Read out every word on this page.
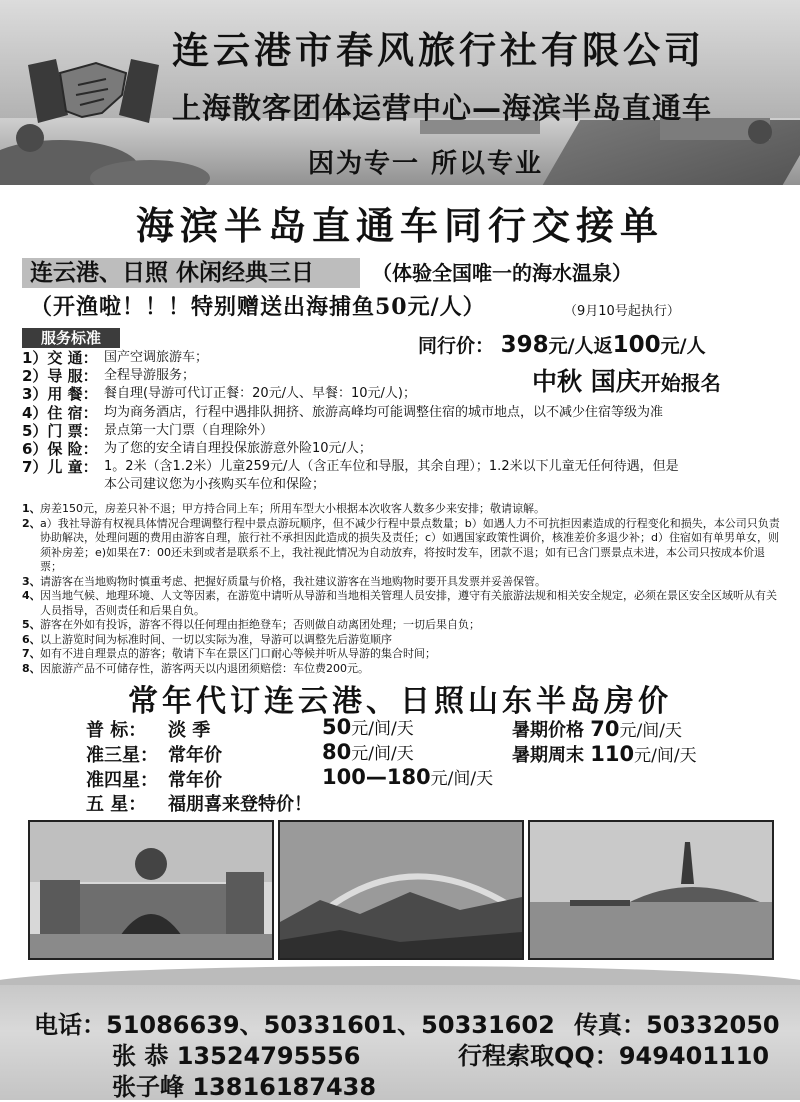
连云港市春风旅行社有限公司
上海散客团体运营中心—海滨半岛直通车
因为专一 所以专业
海滨半岛直通车同行交接单
连云港、日照 休闲经典三日	（体验全国唯一的海水温泉）
（开渔啦！！！特别赠送出海捕鱼50元/人）	（9月10号起执行）
服务标准	同行价： 398元/人返100元/人
中秋 国庆开始报名
1）交 通： 国产空调旅游车；
2）导 服： 全程导游服务；
3）用 餐： 餐自理(导游可代订正餐：20元/人、早餐：10元/人)；
4）住 宿： 均为商务酒店，行程中遇排队拥挤、旅游高峰均可能调整住宿的城市地点，以不减少住宿等级为准
5）门 票： 景点第一大门票（自理除外）
6）保 险： 为了您的安全请自理投保旅游意外险10元/人；
7）儿 童： 1。2米（含1.2米）儿童259元/人（含正车位和导服，其余自理）；1.2米以下儿童无任何待遇，但是
本公司建议您为小孩购买车位和保险；
1、 房差150元，房差只补不退；甲方持合同上车；所用车型大小根据本次收客人数多少来安排；敬请谅解。
2、 a）我社导游有权视具体情况合理调整行程中景点游玩顺序，但不减少行程中景点数量；b）如遇人力不可抗拒因素造成的行程变化和损失，本公司只负责协助解决，处理问题的费用由游客自理，旅行社不承担因此造成的损失及责任；c）如遇国家政策性调价，核准差价多退少补；d）住宿如有单男单女，则须补房差；e)如果在7：00还未到或者是联系不上，我社视此情况为自动放弃，将按时发车，团款不退；如有已含门票景点未进，本公司只按成本价退票；
3、 请游客在当地购物时慎重考虑、把握好质量与价格，我社建议游客在当地购物时要开具发票并妥善保管。
4、 因当地气候、地理环境、人文等因素，在游览中请听从导游和当地相关管理人员安排，遵守有关旅游法规和相关安全规定，必须在景区安全区域听从有关人员指导，否则责任和后果自负。
5、 游客在外如有投诉，游客不得以任何理由拒绝登车；否则做自动离团处理；一切后果自负；
6、 以上游览时间为标准时间、一切以实际为准，导游可以调整先后游览顺序
7、 如有不进自理景点的游客；敬请下车在景区门口耐心等候并听从导游的集合时间；
8、 因旅游产品不可储存性，游客两天以内退团须赔偿：车位费200元。
常年代订连云港、日照山东半岛房价
普 标： 淡 季	50元/间/天
准三星： 常年价	80元/间/天
准四星： 常年价	100—180元/间/天
五 星： 福朋喜来登特价！
暑期价格 70元/间/天
暑期周末 110元/间/天
电话：51086639、50331601、50331602 传真：50332050
张 恭 13524795556	行程索取QQ：949401110
张子峰 13816187438
